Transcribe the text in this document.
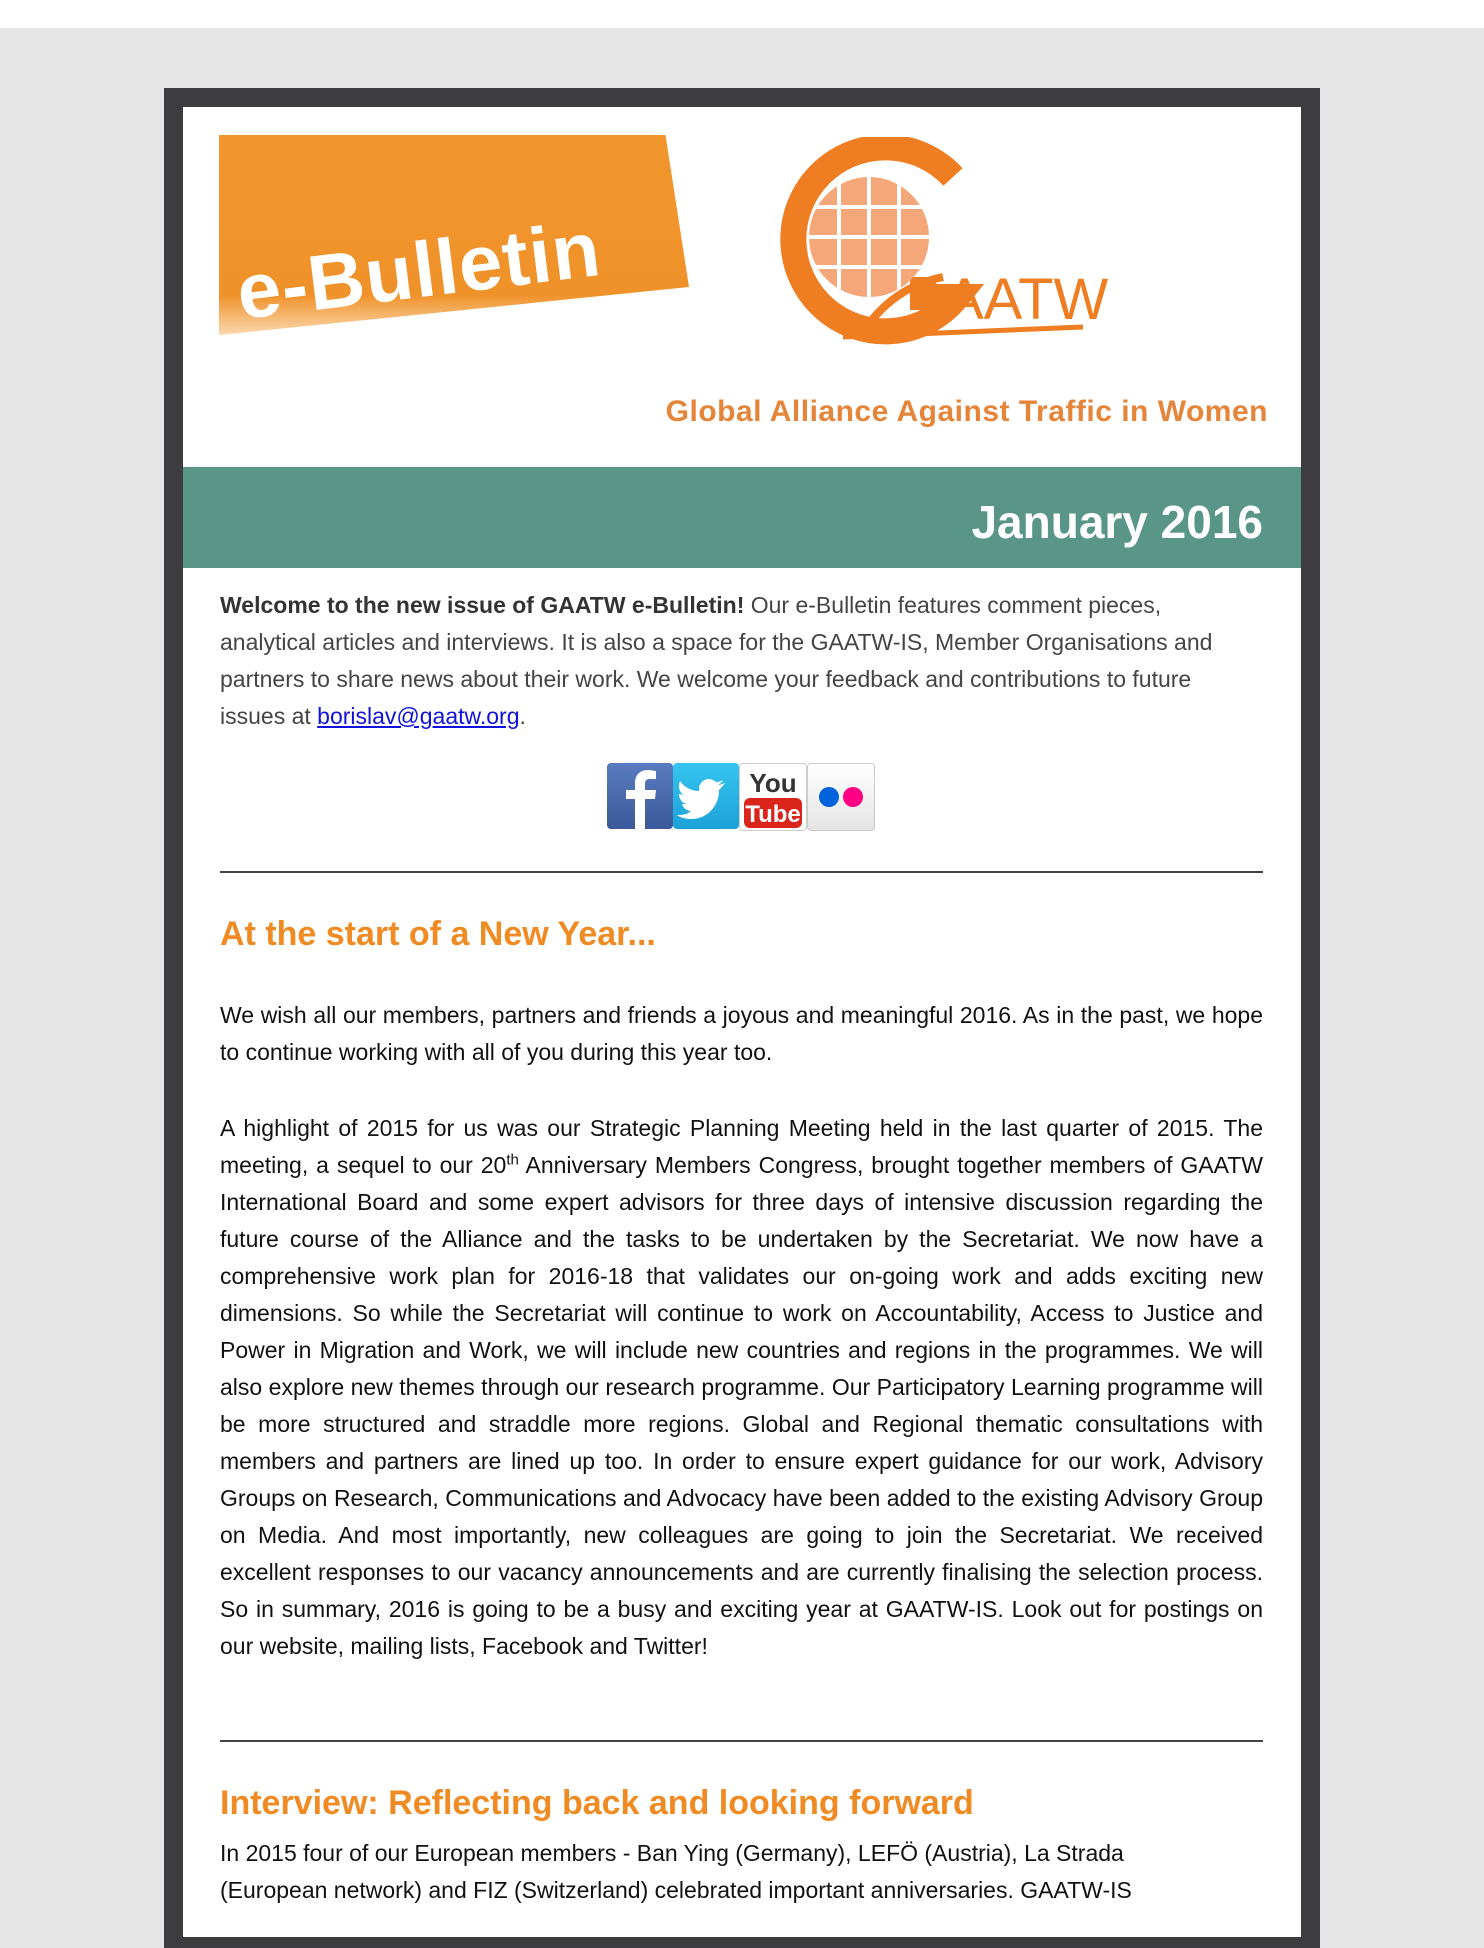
e-Bulletin	AATW
Global Alliance Against Traffic in Women
January 2016
Welcome to the new issue of GAATW e-Bulletin! Our e-Bulletin features comment pieces, analytical articles and interviews. It is also a space for the GAATW-IS, Member Organisations and partners to share news about their work. We welcome your feedback and contributions to future issues at borislav@gaatw.org.
You
Tube
At the start of a New Year...
We wish all our members, partners and friends a joyous and meaningful 2016. As in the past, we hope to continue working with all of you during this year too.
A highlight of 2015 for us was our Strategic Planning Meeting held in the last quarter of 2015. The meeting, a sequel to our 20th Anniversary Members Congress, brought together members of GAATW International Board and some expert advisors for three days of intensive discussion regarding the future course of the Alliance and the tasks to be undertaken by the Secretariat. We now have a comprehensive work plan for 2016-18 that validates our on-going work and adds exciting new dimensions. So while the Secretariat will continue to work on Accountability, Access to Justice and Power in Migration and Work, we will include new countries and regions in the programmes. We will also explore new themes through our research programme. Our Participatory Learning programme will be more structured and straddle more regions. Global and Regional thematic consultations with members and partners are lined up too. In order to ensure expert guidance for our work, Advisory Groups on Research, Communications and Advocacy have been added to the existing Advisory Group on Media. And most importantly, new colleagues are going to join the Secretariat. We received excellent responses to our vacancy announcements and are currently finalising the selection process. So in summary, 2016 is going to be a busy and exciting year at GAATW-IS. Look out for postings on our website, mailing lists, Facebook and Twitter!
Interview: Reflecting back and looking forward
In 2015 four of our European members - Ban Ying (Germany), LEFÖ (Austria), La Strada (European network) and FIZ (Switzerland) celebrated important anniversaries. GAATW-IS
